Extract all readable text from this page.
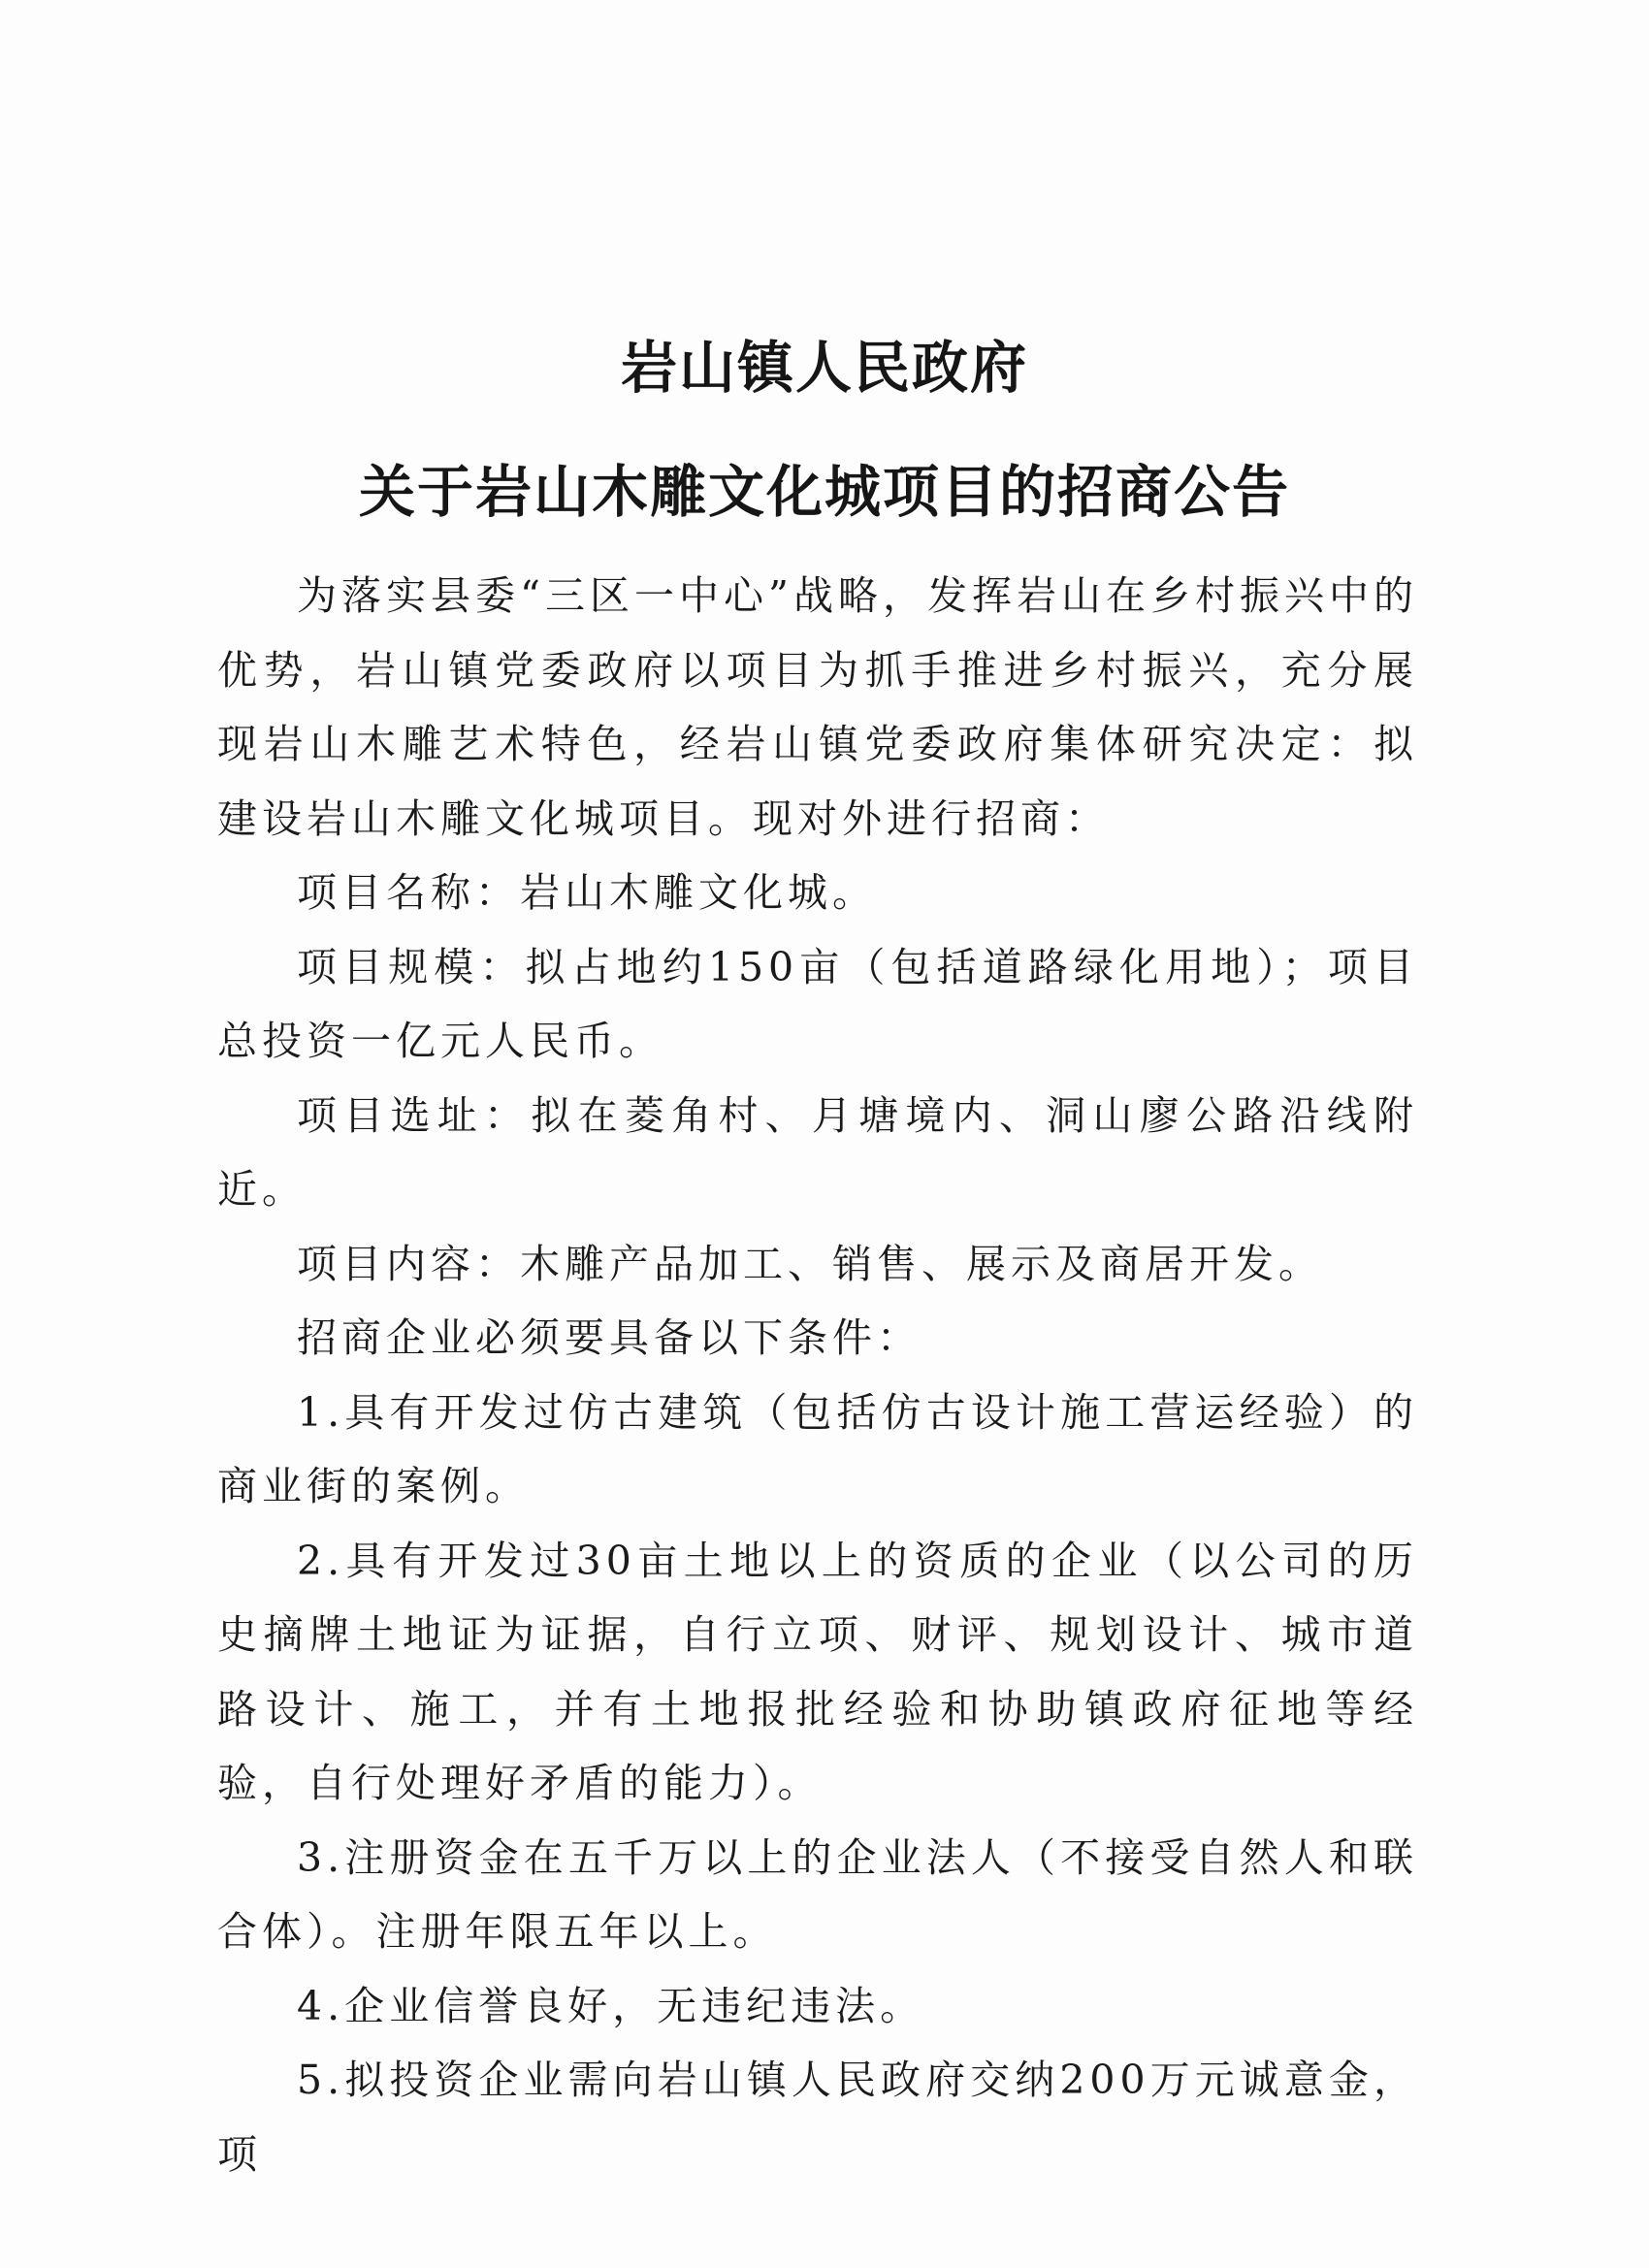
岩山镇人民政府
关于岩山木雕文化城项目的招商公告

为落实县委“三区一中心”战略，发挥岩山在乡村振兴中的优势，岩山镇党委政府以项目为抓手推进乡村振兴，充分展现岩山木雕艺术特色，经岩山镇党委政府集体研究决定：拟建设岩山木雕文化城项目。现对外进行招商：

项目名称：岩山木雕文化城。

项目规模：拟占地约150亩（包括道路绿化用地）；项目总投资一亿元人民币。

项目选址：拟在菱角村、月塘境内、洞山廖公路沿线附近。

项目内容：木雕产品加工、销售、展示及商居开发。

招商企业必须要具备以下条件：

1.具有开发过仿古建筑（包括仿古设计施工营运经验）的商业街的案例。

2.具有开发过30亩土地以上的资质的企业（以公司的历史摘牌土地证为证据，自行立项、财评、规划设计、城市道路设计、施工，并有土地报批经验和协助镇政府征地等经验，自行处理好矛盾的能力）。

3.注册资金在五千万以上的企业法人（不接受自然人和联合体）。注册年限五年以上。

4.企业信誉良好，无违纪违法。

5.拟投资企业需向岩山镇人民政府交纳200万元诚意金，项
